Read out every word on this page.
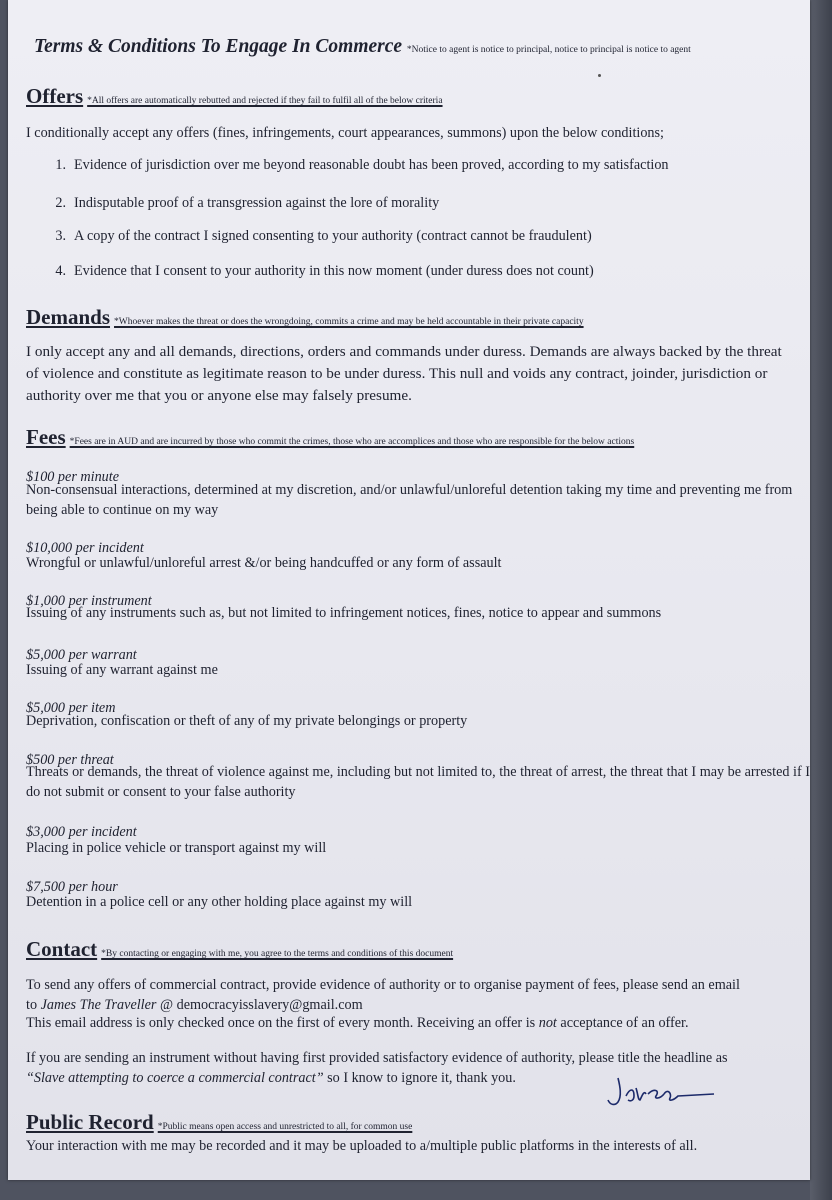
Terms & Conditions To Engage In Commerce *Notice to agent is notice to principal, notice to principal is notice to agent
Offers *All offers are automatically rebutted and rejected if they fail to fulfil all of the below criteria
I conditionally accept any offers (fines, infringements, court appearances, summons) upon the below conditions;
1. Evidence of jurisdiction over me beyond reasonable doubt has been proved, according to my satisfaction
2. Indisputable proof of a transgression against the lore of morality
3. A copy of the contract I signed consenting to your authority (contract cannot be fraudulent)
4. Evidence that I consent to your authority in this now moment (under duress does not count)
Demands *Whoever makes the threat or does the wrongdoing, commits a crime and may be held accountable in their private capacity
I only accept any and all demands, directions, orders and commands under duress. Demands are always backed by the threat of violence and constitute as legitimate reason to be under duress. This null and voids any contract, joinder, jurisdiction or authority over me that you or anyone else may falsely presume.
Fees *Fees are in AUD and are incurred by those who commit the crimes, those who are accomplices and those who are responsible for the below actions
$100 per minute
Non-consensual interactions, determined at my discretion, and/or unlawful/unloreful detention taking my time and preventing me from being able to continue on my way
$10,000 per incident
Wrongful or unlawful/unloreful arrest &/or being handcuffed or any form of assault
$1,000 per instrument
Issuing of any instruments such as, but not limited to infringement notices, fines, notice to appear and summons
$5,000 per warrant
Issuing of any warrant against me
$5,000 per item
Deprivation, confiscation or theft of any of my private belongings or property
$500 per threat
Threats or demands, the threat of violence against me, including but not limited to, the threat of arrest, the threat that I may be arrested if I do not submit or consent to your false authority
$3,000 per incident
Placing in police vehicle or transport against my will
$7,500 per hour
Detention in a police cell or any other holding place against my will
Contact *By contacting or engaging with me, you agree to the terms and conditions of this document
To send any offers of commercial contract, provide evidence of authority or to organise payment of fees, please send an email
to James The Traveller @ democracyisslavery@gmail.com
This email address is only checked once on the first of every month. Receiving an offer is not acceptance of an offer.
If you are sending an instrument without having first provided satisfactory evidence of authority, please title the headline as
“Slave attempting to coerce a commercial contract” so I know to ignore it, thank you.
Public Record *Public means open access and unrestricted to all, for common use
Your interaction with me may be recorded and it may be uploaded to a/multiple public platforms in the interests of all.
